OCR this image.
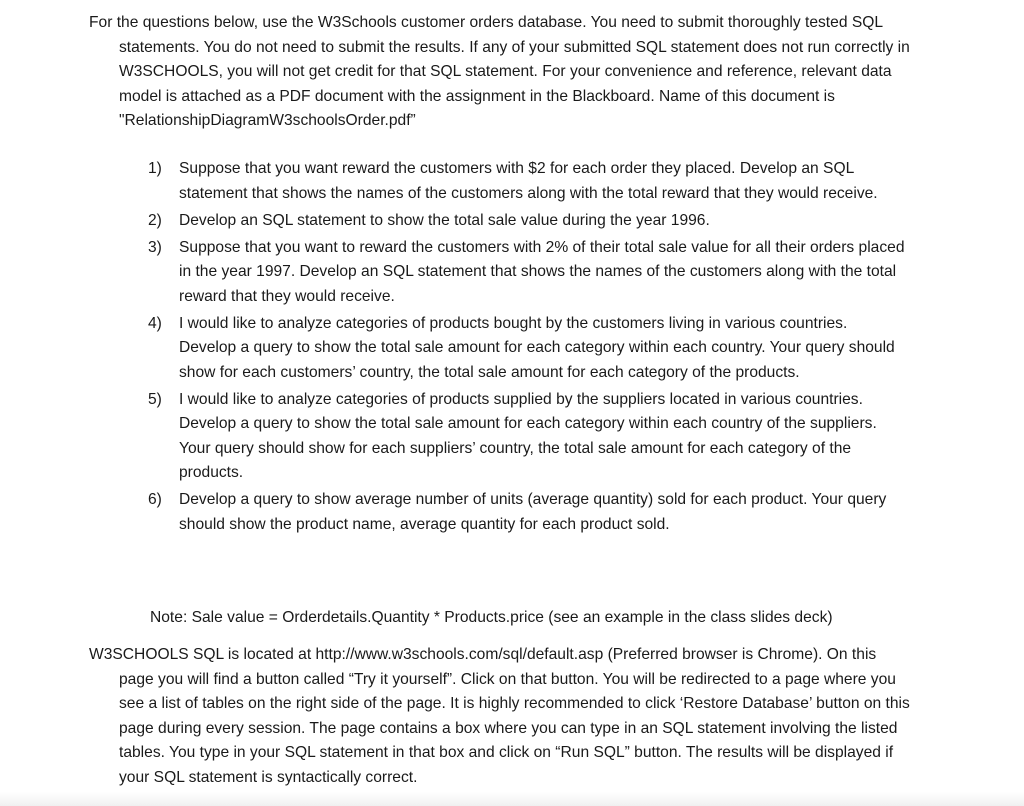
For the questions below, use the W3Schools customer orders database. You need to submit thoroughly tested SQL statements. You do not need to submit the results. If any of your submitted SQL statement does not run correctly in W3SCHOOLS, you will not get credit for that SQL statement. For your convenience and reference, relevant data model is attached as a PDF document with the assignment in the Blackboard. Name of this document is "RelationshipDiagramW3schoolsOrder.pdf”

1)	Suppose that you want reward the customers with $2 for each order they placed. Develop an SQL statement that shows the names of the customers along with the total reward that they would receive.
2)	Develop an SQL statement to show the total sale value during the year 1996.
3)	Suppose that you want to reward the customers with 2% of their total sale value for all their orders placed in the year 1997. Develop an SQL statement that shows the names of the customers along with the total reward that they would receive.
4)	I would like to analyze categories of products bought by the customers living in various countries. Develop a query to show the total sale amount for each category within each country. Your query should show for each customers’ country, the total sale amount for each category of the products.
5)	I would like to analyze categories of products supplied by the suppliers located in various countries. Develop a query to show the total sale amount for each category within each country of the suppliers. Your query should show for each suppliers’ country, the total sale amount for each category of the products.
6)	Develop a query to show average number of units (average quantity) sold for each product. Your query should show the product name, average quantity for each product sold.

Note: Sale value = Orderdetails.Quantity * Products.price (see an example in the class slides deck)

W3SCHOOLS SQL is located at http://www.w3schools.com/sql/default.asp (Preferred browser is Chrome). On this page you will find a button called “Try it yourself”. Click on that button. You will be redirected to a page where you see a list of tables on the right side of the page. It is highly recommended to click ‘Restore Database’ button on this page during every session. The page contains a box where you can type in an SQL statement involving the listed tables. You type in your SQL statement in that box and click on “Run SQL” button. The results will be displayed if your SQL statement is syntactically correct.
